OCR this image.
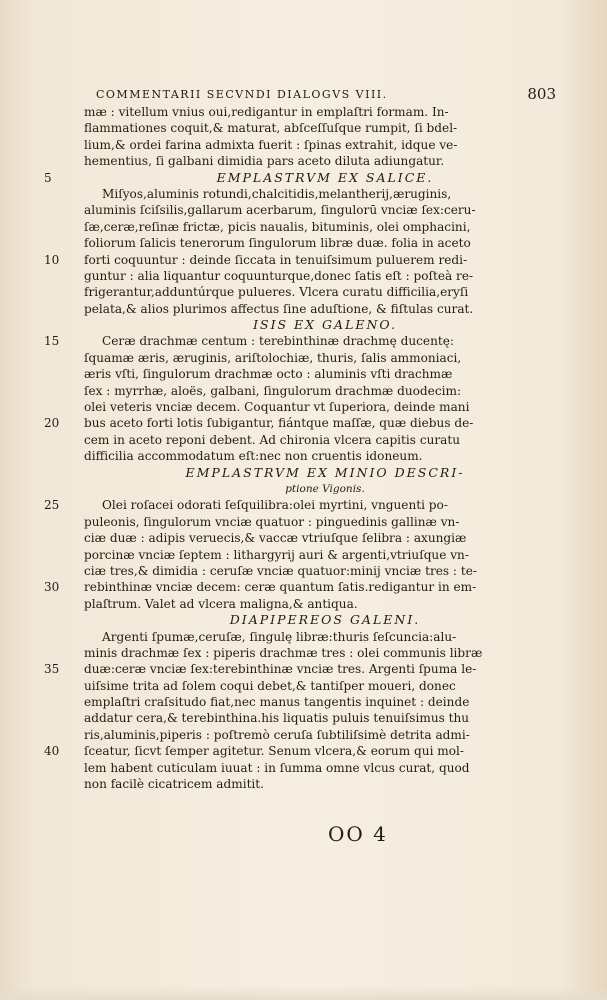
COMMENTARII SECVNDI DIALOGVS VIII.	803
mæ : vitellum vnius oui,redigantur in emplaſtri formam. In-
flammationes coquit,& maturat, abſceſſuſque rumpit, ſi bdel-
lium,& ordei farina admixta fuerit : ſpinas extrahit, idque ve-
hementius, ſi galbani dimidia pars aceto diluta adiungatur.
5	EMPLASTRVM EX SALICE.
Miſyos,aluminis rotundi,chalcitidis,melantherij,æruginis,
aluminis ſciſsilis,gallarum acerbarum, ſingulorū vnciæ ſex:ceru-
ſæ,ceræ,reſinæ frictæ, picis naualis, bituminis, olei omphacini,
foliorum ſalicis tenerorum ſingulorum libræ duæ. folia in aceto
10	forti coquuntur : deinde ſiccata in tenuiſsimum puluerem redi-
guntur : alia liquantur coquunturque,donec ſatis eſt : poſteà re-
frigerantur,adduntúrque pulueres. Vlcera curatu difficilia,eryſi
pelata,& alios plurimos affectus ſine aduſtione, & fiſtulas curat.
ISIS EX GALENO.
15	Ceræ drachmæ centum : terebinthinæ drachmę ducentę:
ſquamæ æris, æruginis, ariſtolochiæ, thuris, ſalis ammoniaci,
æris vſti, ſingulorum drachmæ octo : aluminis vſti drachmæ
ſex : myrrhæ, aloës, galbani, ſingulorum drachmæ duodecim:
olei veteris vnciæ decem. Coquantur vt ſuperiora, deinde mani
20	bus aceto forti lotis ſubigantur, fiántque maſſæ, quæ diebus de-
cem in aceto reponi debent. Ad chironia vlcera capitis curatu
difficilia accommodatum eſt:nec non cruentis idoneum.
EMPLASTRVM EX MINIO DESCRI-
ptione Vigonis.
25	Olei roſacei odorati ſeſquilibra:olei myrtini, vnguenti po-
puleonis, ſingulorum vnciæ quatuor : pinguedinis gallinæ vn-
ciæ duæ : adipis veruecis,& vaccæ vtriuſque ſelibra : axungiæ
porcinæ vnciæ ſeptem : lithargyrij auri & argenti,vtriuſque vn-
ciæ tres,& dimidia : ceruſæ vnciæ quatuor:minij vnciæ tres : te-
30	rebinthinæ vnciæ decem: ceræ quantum ſatis.redigantur in em-
plaſtrum. Valet ad vlcera maligna,& antiqua.
DIAPIPEREOS GALENI.
Argenti ſpumæ,ceruſæ, ſingulę libræ:thuris ſeſcuncia:alu-
minis drachmæ ſex : piperis drachmæ tres : olei communis libræ
35	duæ:ceræ vnciæ ſex:terebinthinæ vnciæ tres. Argenti ſpuma le-
uiſsime trita ad ſolem coqui debet,& tantiſper moueri, donec
emplaſtri craſsitudo fiat,nec manus tangentis inquinet : deinde
addatur cera,& terebinthina.his liquatis puluis tenuiſsimus thu
ris,aluminis,piperis : poſtremò ceruſa ſubtiliſsimè detrita admi-
40	ſceatur, ſicvt ſemper agitetur. Senum vlcera,& eorum qui mol-
lem habent cuticulam iuuat : in ſumma omne vlcus curat, quod
non facilè cicatricem admitit.
OO 4
